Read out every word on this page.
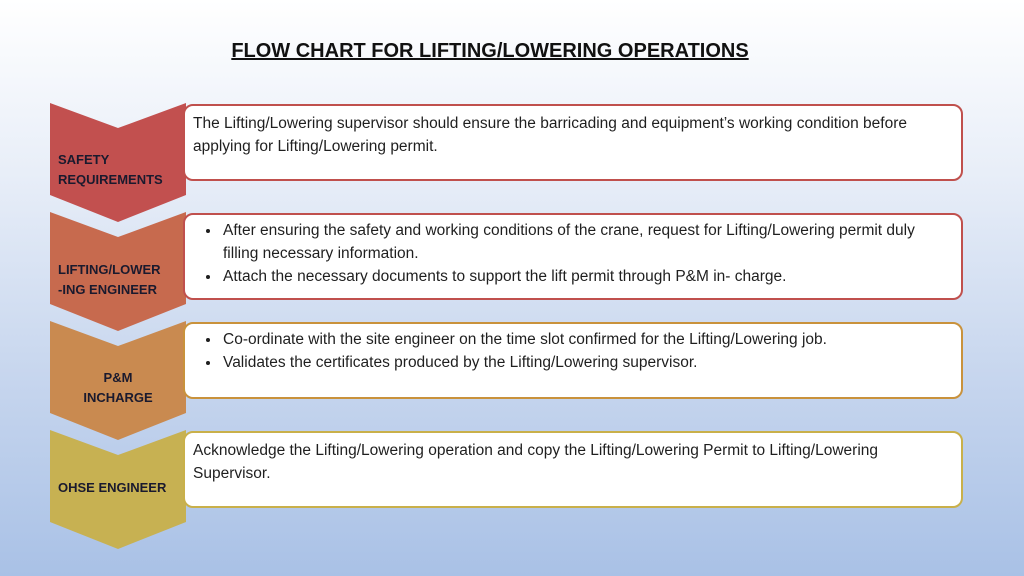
FLOW CHART FOR LIFTING/LOWERING OPERATIONS
The Lifting/Lowering supervisor should ensure the barricading and equipment’s working condition before applying for Lifting/Lowering permit.
SAFETY
REQUIREMENTS
• After ensuring the safety and working conditions of the crane, request for Lifting/Lowering permit duly filling necessary information.
• Attach the necessary documents to support the lift permit through P&M in- charge.
LIFTING/LOWER
-ING ENGINEER
• Co-ordinate with the site engineer on the time slot confirmed for the Lifting/Lowering job.
• Validates the certificates produced by the Lifting/Lowering supervisor.
P&M
INCHARGE
Acknowledge the Lifting/Lowering operation and copy the Lifting/Lowering Permit to Lifting/Lowering Supervisor.
OHSE ENGINEER
